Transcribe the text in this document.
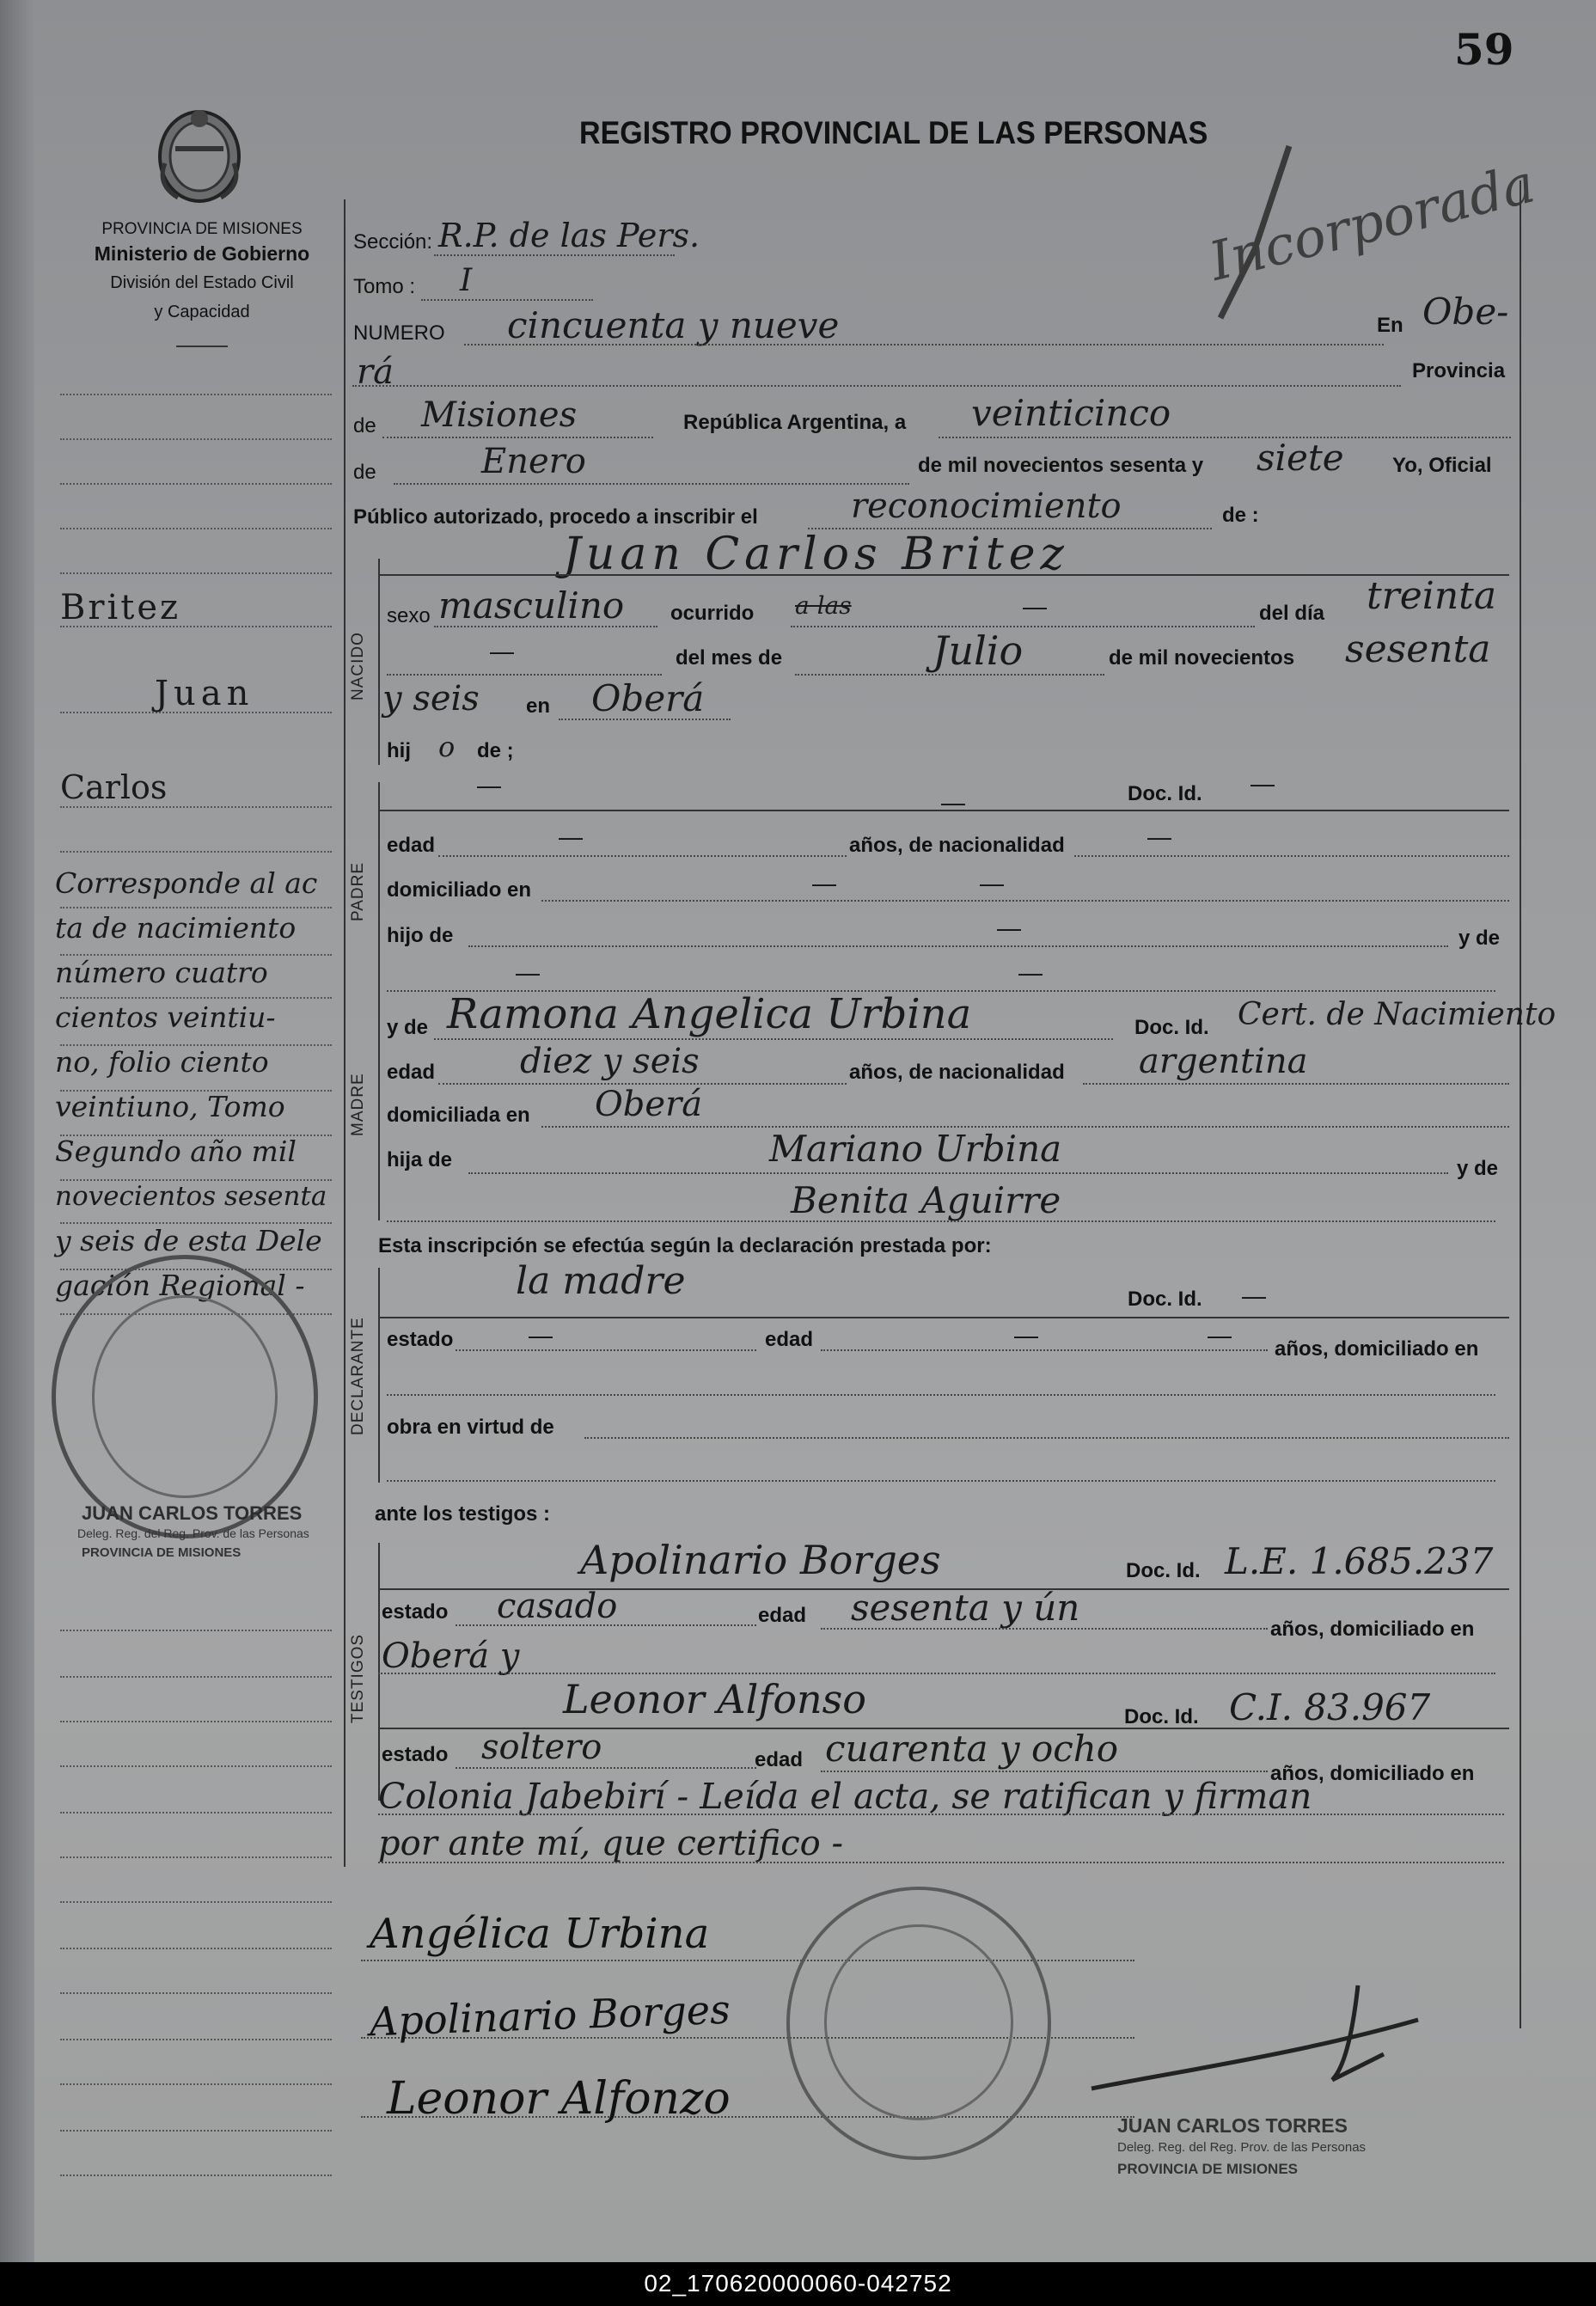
59
PROVINCIA DE MISIONES
Ministerio de Gobierno
División del Estado Civil
y Capacidad
REGISTRO PROVINCIAL DE LAS PERSONAS
Incorporada
Sección: R.P. de las Pers.
Tomo : I
NUMERO cincuenta y nueve	En Obe-
rá	Provincia
de Misiones	República Argentina, a veinticinco
de	Enero	de mil novecientos sesenta y siete Yo, Oficial
Público autorizado, procedo a inscribir el	reconocimiento	de :
NACIDO
Juan Carlos Britez
sexo masculino ocurrido a las	—	del día treinta
—	del mes de	Julio	de mil novecientos sesenta
y seis en Oberá
hij o de ;
PADRE
—
—	Doc. Id. —
edad	—	años, de nacionalidad	—
domiciliado en	—	—
hijo de	—	y de
—	—
MADRE
y de Ramona Angelica Urbina	Doc. Id. Cert. de Nacimiento
edad diez y seis	años, de nacionalidad argentina
domiciliada en Oberá
hija de	Mariano Urbina	y de
Benita Aguirre
Esta inscripción se efectúa según la declaración prestada por:
DECLARANTE
la madre	Doc. Id. —
estado	—	edad	—	—
años, domiciliado en
obra en virtud de
ante los testigos :
TESTIGOS
Apolinario Borges	Doc. Id. L.E. 1.685.237
estado casado	edad sesenta y ún
años, domiciliado en
Oberá y
Leonor Alfonso	Doc. Id. C.I. 83.967
estado soltero	edad cuarenta y ocho
años, domiciliado en
Colonia Jabebirí - Leída el acta, se ratifican y firman
por ante mí, que certifico -
Angélica Urbina
Apolinario Borges
Leonor Alfonzo
JUAN CARLOS TORRES
Deleg. Reg. del Reg. Prov. de las Personas
PROVINCIA DE MISIONES
Britez
Juan
Carlos
Corresponde al ac
ta de nacimiento
número cuatro
cientos veintiu-
no, folio ciento
veintiuno, Tomo
Segundo año mil
novecientos sesenta
y seis de esta Dele
gación Regional -
JUAN CARLOS TORRES
Deleg. Reg. del Reg. Prov. de las Personas
PROVINCIA DE MISIONES
02_170620000060-042752
